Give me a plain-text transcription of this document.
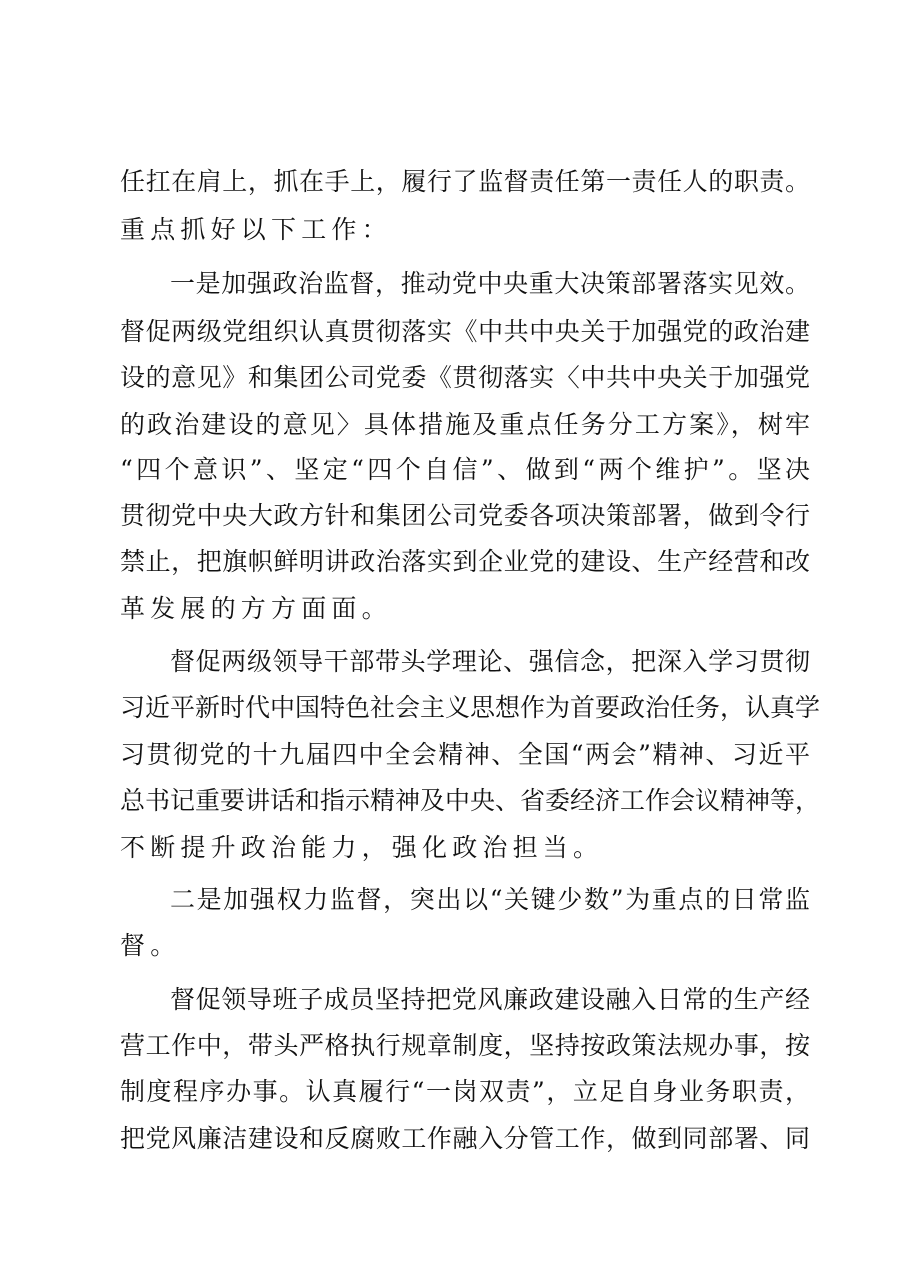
任扛在肩上，抓在手上，履行了监督责任第一责任人的职责。
重点抓好以下工作：
一是加强政治监督，推动党中央重大决策部署落实见效。
督促两级党组织认真贯彻落实《中共中央关于加强党的政治建
设的意见》和集团公司党委《贯彻落实〈中共中央关于加强党
的政治建设的意见〉具体措施及重点任务分工方案》，树牢
“四个意识”、坚定“四个自信”、做到“两个维护”。坚决
贯彻党中央大政方针和集团公司党委各项决策部署，做到令行
禁止，把旗帜鲜明讲政治落实到企业党的建设、生产经营和改
革发展的方方面面。
督促两级领导干部带头学理论、强信念，把深入学习贯彻
习近平新时代中国特色社会主义思想作为首要政治任务，认真学
习贯彻党的十九届四中全会精神、全国“两会”精神、习近平
总书记重要讲话和指示精神及中央、省委经济工作会议精神等，
不断提升政治能力，强化政治担当。
二是加强权力监督，突出以“关键少数”为重点的日常监
督。
督促领导班子成员坚持把党风廉政建设融入日常的生产经
营工作中，带头严格执行规章制度，坚持按政策法规办事，按
制度程序办事。认真履行“一岗双责”，立足自身业务职责，
把党风廉洁建设和反腐败工作融入分管工作，做到同部署、同
